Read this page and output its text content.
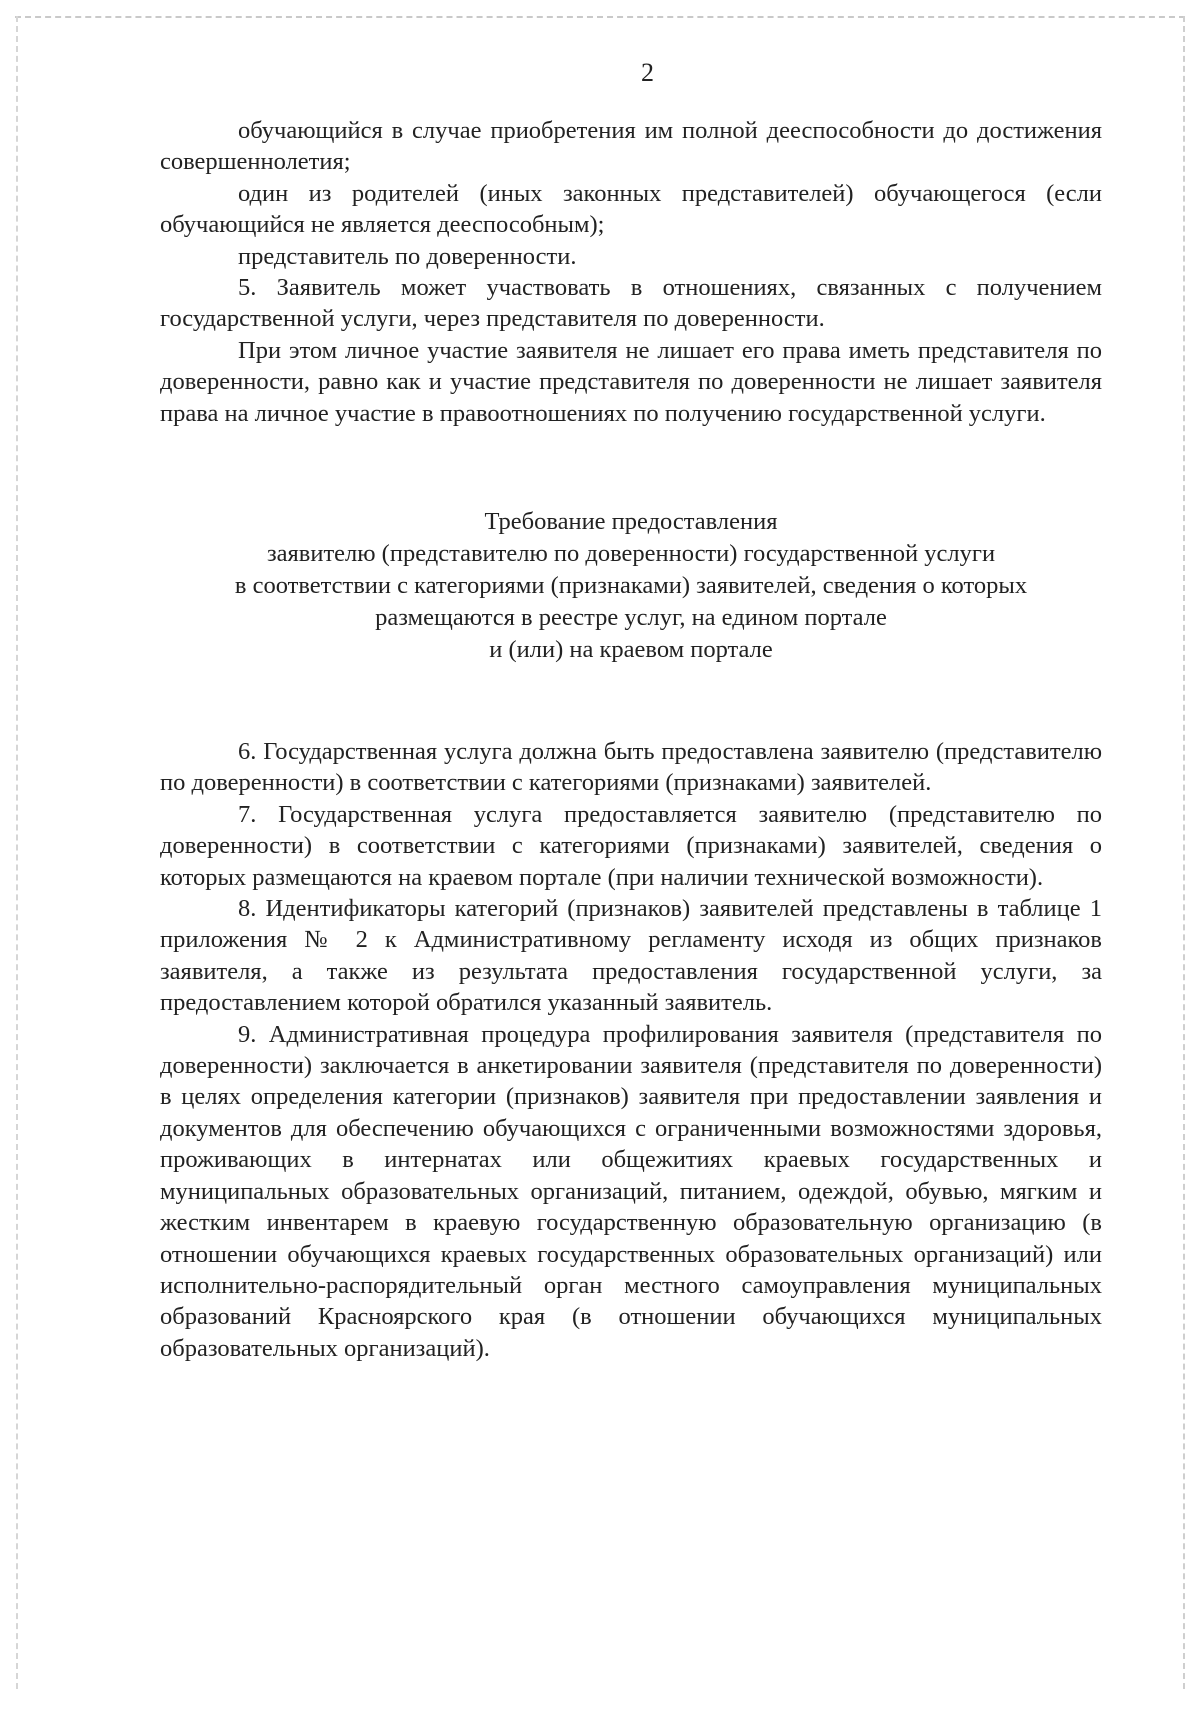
2

обучающийся в случае приобретения им полной дееспособности до достижения совершеннолетия;

один из родителей (иных законных представителей) обучающегося (если обучающийся не является дееспособным);

представитель по доверенности.

5. Заявитель может участвовать в отношениях, связанных с получением государственной услуги, через представителя по доверенности.

При этом личное участие заявителя не лишает его права иметь представителя по доверенности, равно как и участие представителя по доверенности не лишает заявителя права на личное участие в правоотношениях по получению государственной услуги.

Требование предоставления
заявителю (представителю по доверенности) государственной услуги
в соответствии с категориями (признаками) заявителей, сведения о которых
размещаются в реестре услуг, на едином портале
и (или) на краевом портале

6. Государственная услуга должна быть предоставлена заявителю (представителю по доверенности) в соответствии с категориями (признаками) заявителей.

7. Государственная услуга предоставляется заявителю (представителю по доверенности) в соответствии с категориями (признаками) заявителей, сведения о которых размещаются на краевом портале (при наличии технической возможности).

8. Идентификаторы категорий (признаков) заявителей представлены в таблице 1 приложения № 2 к Административному регламенту исходя из общих признаков заявителя, а также из результата предоставления государственной услуги, за предоставлением которой обратился указанный заявитель.

9. Административная процедура профилирования заявителя (представителя по доверенности) заключается в анкетировании заявителя (представителя по доверенности) в целях определения категории (признаков) заявителя при предоставлении заявления и документов для обеспечению обучающихся с ограниченными возможностями здоровья, проживающих в интернатах или общежитиях краевых государственных и муниципальных образовательных организаций, питанием, одеждой, обувью, мягким и жестким инвентарем в краевую государственную образовательную организацию (в отношении обучающихся краевых государственных образовательных организаций) или исполнительно-распорядительный орган местного самоуправления муниципальных образований Красноярского края (в отношении обучающихся муниципальных образовательных организаций).
